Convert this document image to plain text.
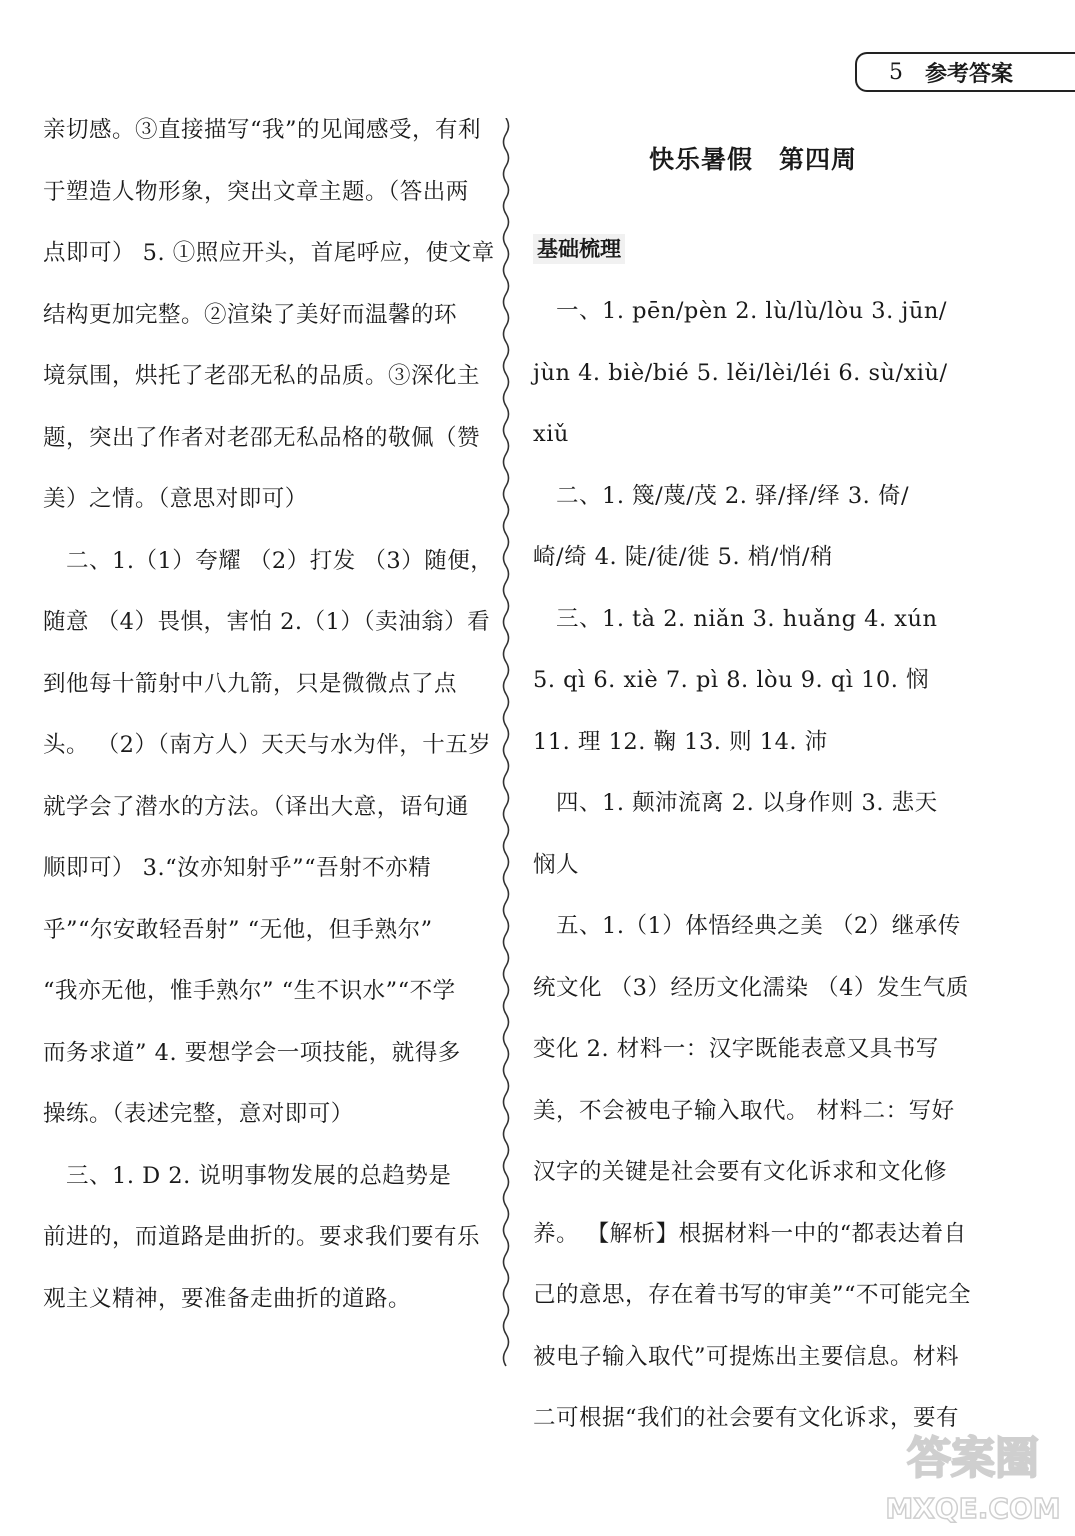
5 参考答案
亲切感。③直接描写“我”的见闻感受，有利
于塑造人物形象，突出文章主题。（答出两
点即可） 5. ①照应开头，首尾呼应，使文章
结构更加完整。②渲染了美好而温馨的环
境氛围，烘托了老邵无私的品质。③深化主
题，突出了作者对老邵无私品格的敬佩（赞
美）之情。（意思对即可）
　二、1.（1）夸耀 （2）打发 （3）随便，
随意 （4）畏惧，害怕 2.（1）（卖油翁）看
到他每十箭射中八九箭，只是微微点了点
头。 （2）（南方人）天天与水为伴，十五岁
就学会了潜水的方法。（译出大意，语句通
顺即可） 3.“汝亦知射乎”“吾射不亦精
乎”“尔安敢轻吾射” “无他，但手熟尔”
“我亦无他，惟手熟尔” “生不识水”“不学
而务求道” 4. 要想学会一项技能，就得多
操练。（表述完整，意对即可）
　三、1. D 2. 说明事物发展的总趋势是
前进的，而道路是曲折的。要求我们要有乐
观主义精神，要准备走曲折的道路。
快乐暑假　第四周
基础梳理
　一、1. pēn/pèn 2. lù/lù/lòu 3. jūn/
jùn 4. biè/bié 5. lěi/lèi/léi 6. sù/xiù/
xiǔ
　二、1. 篾/蔑/茂 2. 驿/择/绎 3. 倚/
崎/绮 4. 陡/徒/徙 5. 梢/悄/稍
　三、1. tà 2. niǎn 3. huǎng 4. xún
5. qì 6. xiè 7. pì 8. lòu 9. qì 10. 悯
11. 理 12. 鞠 13. 则 14. 沛
　四、1. 颠沛流离 2. 以身作则 3. 悲天
悯人
　五、1.（1）体悟经典之美 （2）继承传
统文化 （3）经历文化濡染 （4）发生气质
变化 2. 材料一：汉字既能表意又具书写
美，不会被电子输入取代。 材料二：写好
汉字的关键是社会要有文化诉求和文化修
养。 【解析】根据材料一中的“都表达着自
己的意思，存在着书写的审美”“不可能完全
被电子输入取代”可提炼出主要信息。材料
二可根据“我们的社会要有文化诉求，要有
答案圈
MXQE.COM
